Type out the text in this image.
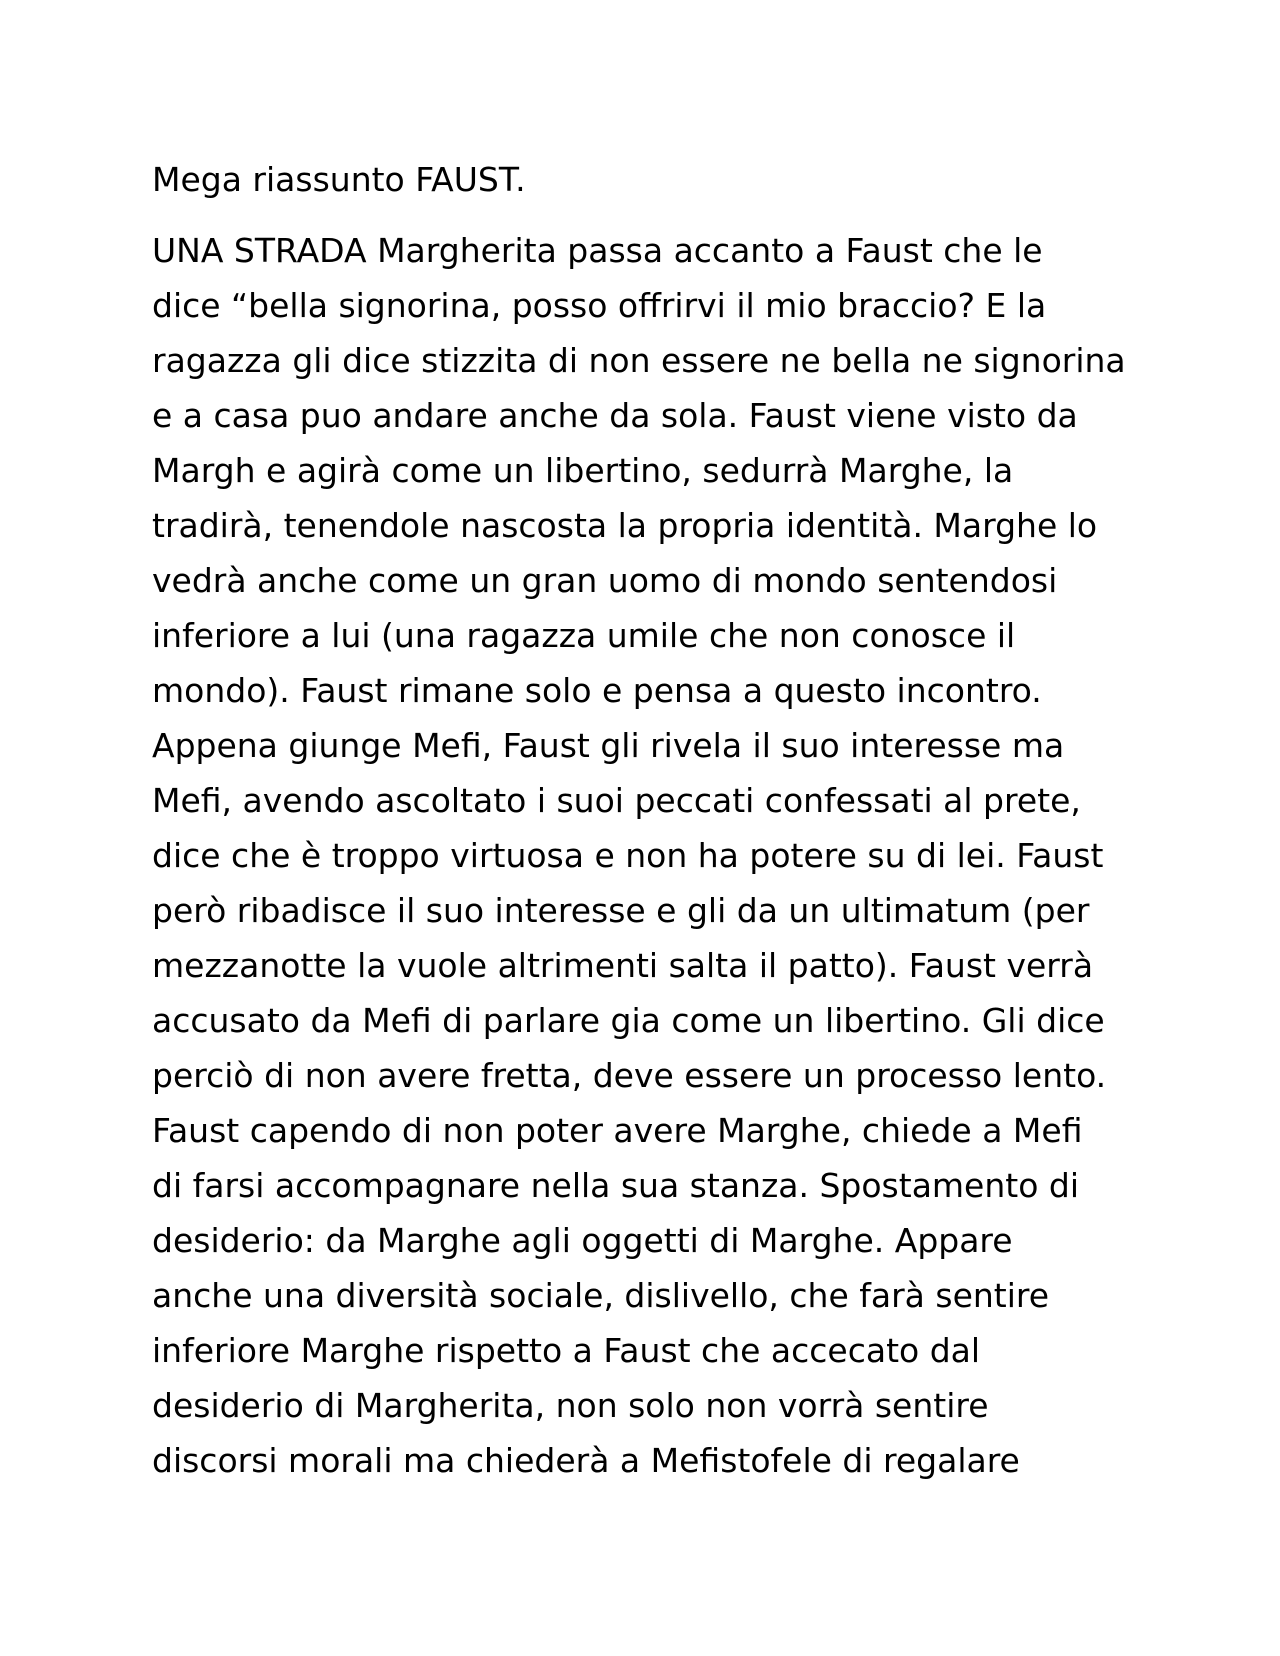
Mega riassunto FAUST.
UNA STRADA Margherita passa accanto a Faust che le
dice “bella signorina, posso offrirvi il mio braccio? E la
ragazza gli dice stizzita di non essere ne bella ne signorina
e a casa puo andare anche da sola. Faust viene visto da
Margh e agirà come un libertino, sedurrà Marghe, la
tradirà, tenendole nascosta la propria identità. Marghe lo
vedrà anche come un gran uomo di mondo sentendosi
inferiore a lui (una ragazza umile che non conosce il
mondo). Faust rimane solo e pensa a questo incontro.
Appena giunge Mefi, Faust gli rivela il suo interesse ma
Mefi, avendo ascoltato i suoi peccati confessati al prete,
dice che è troppo virtuosa e non ha potere su di lei. Faust
però ribadisce il suo interesse e gli da un ultimatum (per
mezzanotte la vuole altrimenti salta il patto). Faust verrà
accusato da Mefi di parlare gia come un libertino. Gli dice
perciò di non avere fretta, deve essere un processo lento.
Faust capendo di non poter avere Marghe, chiede a Mefi
di farsi accompagnare nella sua stanza. Spostamento di
desiderio: da Marghe agli oggetti di Marghe. Appare
anche una diversità sociale, dislivello, che farà sentire
inferiore Marghe rispetto a Faust che accecato dal
desiderio di Margherita, non solo non vorrà sentire
discorsi morali ma chiederà a Mefistofele di regalare
